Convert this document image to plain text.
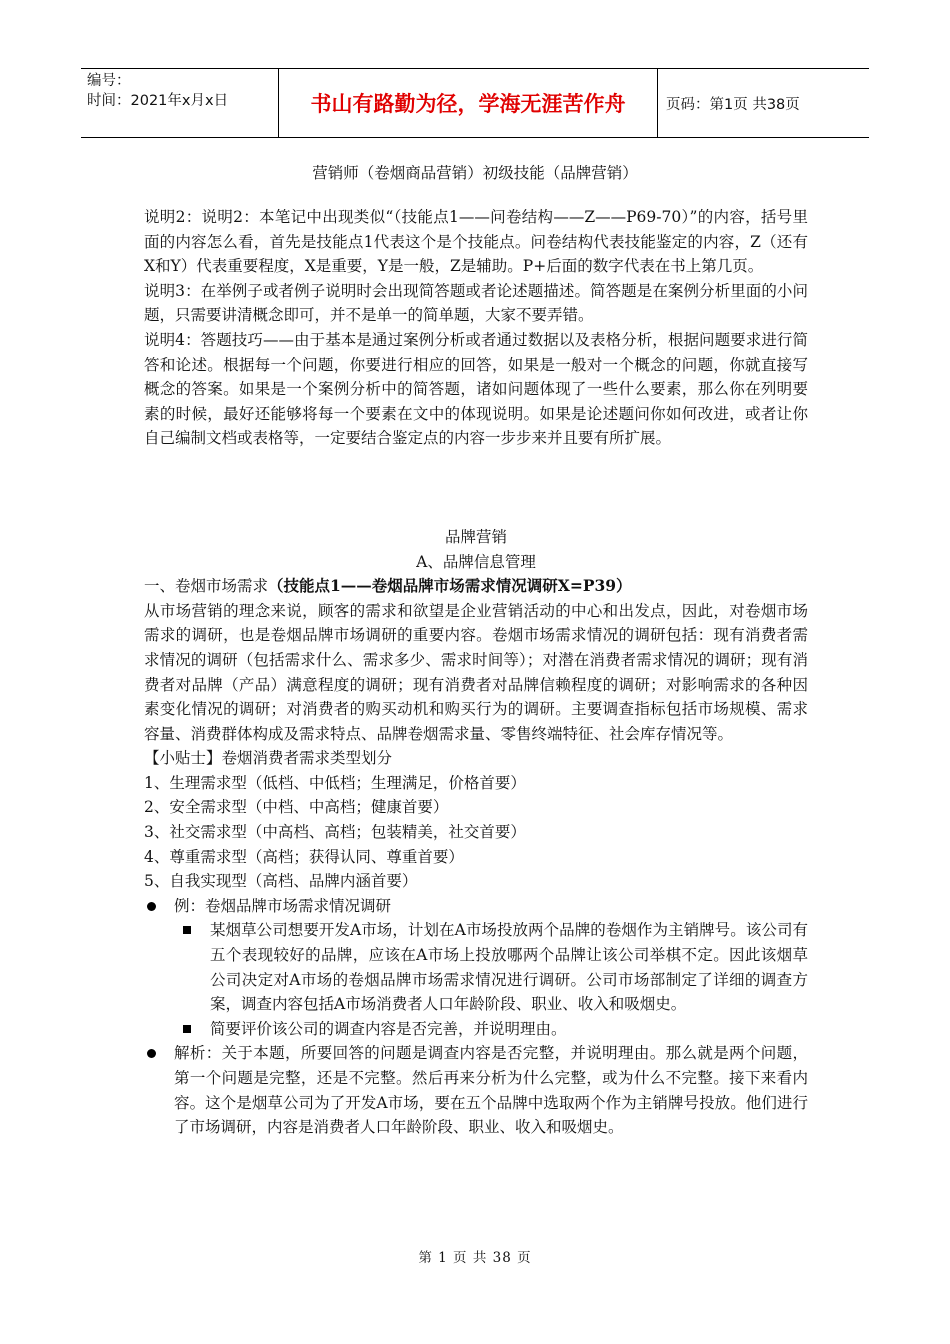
编号：
时间：2021年x月x日	书山有路勤为径，学海无涯苦作舟	页码：第1页 共38页
营销师（卷烟商品营销）初级技能（品牌营销）

说明2：说明2：本笔记中出现类似“（技能点1——问卷结构——Z——P69-70）”的内容，括号里面的内容怎么看，首先是技能点1代表这个是个技能点。问卷结构代表技能鉴定的内容，Z（还有X和Y）代表重要程度，X是重要，Y是一般，Z是辅助。P+后面的数字代表在书上第几页。

说明3：在举例子或者例子说明时会出现简答题或者论述题描述。简答题是在案例分析里面的小问题，只需要讲清概念即可，并不是单一的简单题，大家不要弄错。

说明4：答题技巧——由于基本是通过案例分析或者通过数据以及表格分析，根据问题要求进行简答和论述。根据每一个问题，你要进行相应的回答，如果是一般对一个概念的问题，你就直接写概念的答案。如果是一个案例分析中的简答题，诸如问题体现了一些什么要素，那么你在列明要素的时候，最好还能够将每一个要素在文中的体现说明。如果是论述题问你如何改进，或者让你自己编制文档或表格等，一定要结合鉴定点的内容一步步来并且要有所扩展。

品牌营销

A、品牌信息管理

一、卷烟市场需求（技能点1——卷烟品牌市场需求情况调研X=P39）

从市场营销的理念来说，顾客的需求和欲望是企业营销活动的中心和出发点，因此，对卷烟市场需求的调研，也是卷烟品牌市场调研的重要内容。卷烟市场需求情况的调研包括：现有消费者需求情况的调研（包括需求什么、需求多少、需求时间等）；对潜在消费者需求情况的调研；现有消费者对品牌（产品）满意程度的调研；现有消费者对品牌信赖程度的调研；对影响需求的各种因素变化情况的调研；对消费者的购买动机和购买行为的调研。主要调查指标包括市场规模、需求容量、消费群体构成及需求特点、品牌卷烟需求量、零售终端特征、社会库存情况等。

【小贴士】卷烟消费者需求类型划分

1、生理需求型（低档、中低档；生理满足，价格首要）

2、安全需求型（中档、中高档；健康首要）

3、社交需求型（中高档、高档；包装精美，社交首要）

4、尊重需求型（高档；获得认同、尊重首要）

5、自我实现型（高档、品牌内涵首要）

例：卷烟品牌市场需求情况调研
某烟草公司想要开发A市场，计划在A市场投放两个品牌的卷烟作为主销牌号。该公司有五个表现较好的品牌，应该在A市场上投放哪两个品牌让该公司举棋不定。因此该烟草公司决定对A市场的卷烟品牌市场需求情况进行调研。公司市场部制定了详细的调查方案，调查内容包括A市场消费者人口年龄阶段、职业、收入和吸烟史。
简要评价该公司的调查内容是否完善，并说明理由。
解析：关于本题，所要回答的问题是调查内容是否完整，并说明理由。那么就是两个问题，第一个问题是完整，还是不完整。然后再来分析为什么完整，或为什么不完整。接下来看内容。这个是烟草公司为了开发A市场，要在五个品牌中选取两个作为主销牌号投放。他们进行了市场调研，内容是消费者人口年龄阶段、职业、收入和吸烟史。
第 1 页 共 38 页
